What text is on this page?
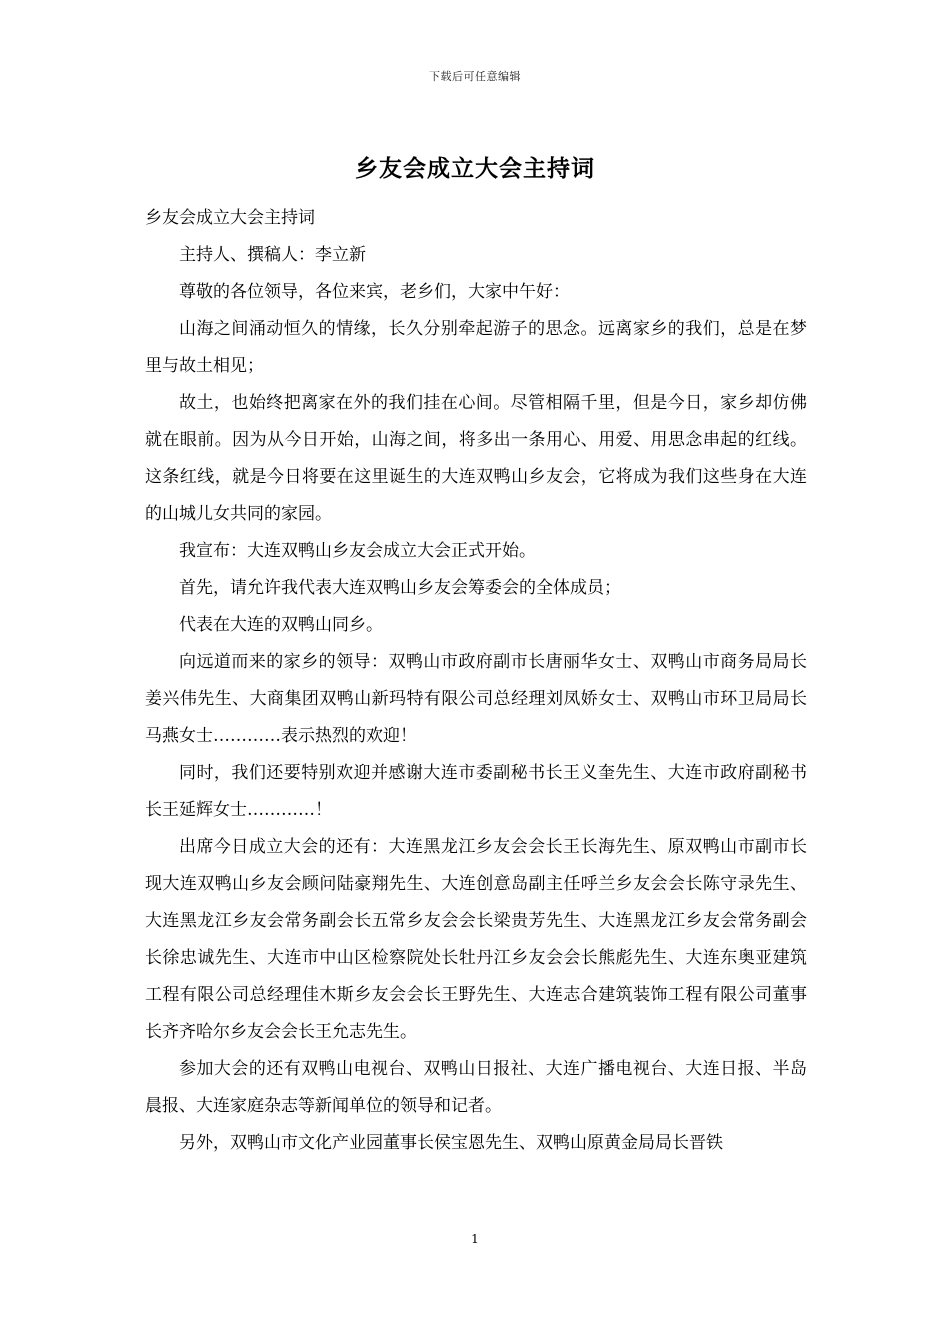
下载后可任意编辑
乡友会成立大会主持词

乡友会成立大会主持词

主持人、撰稿人：李立新

尊敬的各位领导，各位来宾，老乡们，大家中午好：

山海之间涌动恒久的情缘，长久分别牵起游子的思念。远离家乡的我们，总是在梦里与故土相见；

故土，也始终把离家在外的我们挂在心间。尽管相隔千里，但是今日，家乡却仿佛就在眼前。因为从今日开始，山海之间，将多出一条用心、用爱、用思念串起的红线。这条红线，就是今日将要在这里诞生的大连双鸭山乡友会，它将成为我们这些身在大连的山城儿女共同的家园。

我宣布：大连双鸭山乡友会成立大会正式开始。

首先，请允许我代表大连双鸭山乡友会筹委会的全体成员；

代表在大连的双鸭山同乡。

向远道而来的家乡的领导：双鸭山市政府副市长唐丽华女士、双鸭山市商务局局长姜兴伟先生、大商集团双鸭山新玛特有限公司总经理刘凤娇女士、双鸭山市环卫局局长马燕女士…………表示热烈的欢迎！

同时，我们还要特别欢迎并感谢大连市委副秘书长王义奎先生、大连市政府副秘书长王延辉女士…………！

出席今日成立大会的还有：大连黑龙江乡友会会长王长海先生、原双鸭山市副市长现大连双鸭山乡友会顾问陆豪翔先生、大连创意岛副主任呼兰乡友会会长陈守录先生、大连黑龙江乡友会常务副会长五常乡友会会长梁贵芳先生、大连黑龙江乡友会常务副会长徐忠诚先生、大连市中山区检察院处长牡丹江乡友会会长熊彪先生、大连东奥亚建筑工程有限公司总经理佳木斯乡友会会长王野先生、大连志合建筑装饰工程有限公司董事长齐齐哈尔乡友会会长王允志先生。

参加大会的还有双鸭山电视台、双鸭山日报社、大连广播电视台、大连日报、半岛晨报、大连家庭杂志等新闻单位的领导和记者。

另外，双鸭山市文化产业园董事长侯宝恩先生、双鸭山原黄金局局长晋铁

1
